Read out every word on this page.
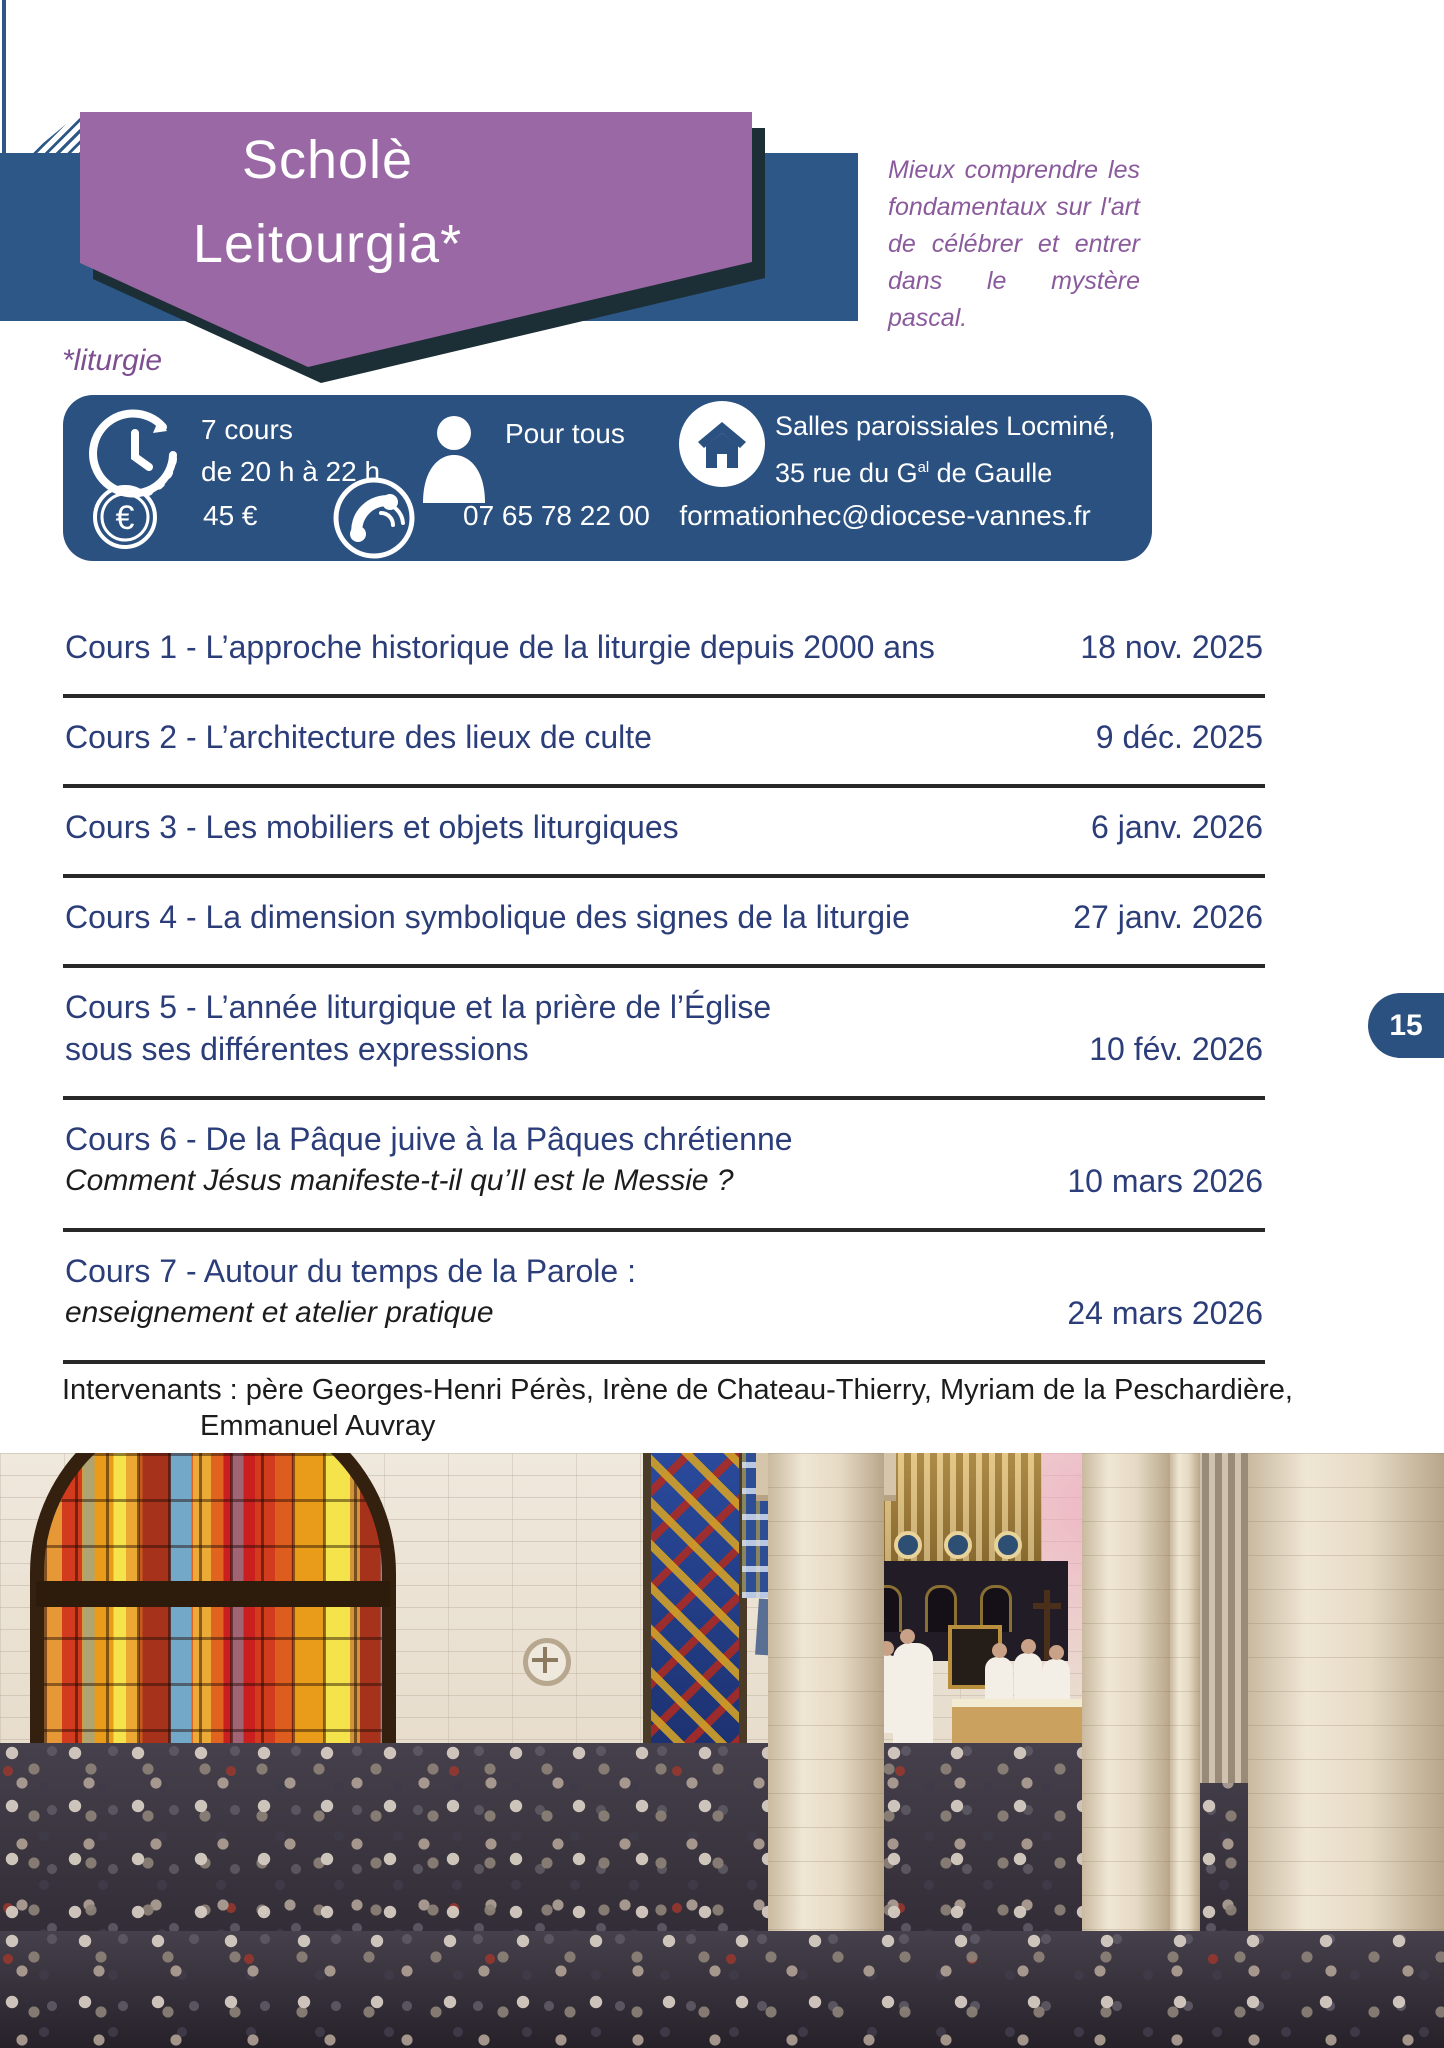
Scholè
Leitourgia*
*liturgie
Mieux comprendre les fondamentaux sur l'art de célébrer et entrer dans le mystère pascal.
7 cours
de 20 h à 22 h
Pour tous	Salles paroissiales Locminé,
35 rue du $G^{al}$ de Gaulle
€ 45 €	07 65 78 22 00 formationhec@diocese-vannes.fr
Cours 1 - L’approche historique de la liturgie depuis 2000 ans	18 nov. 2025
Cours 2 - L’architecture des lieux de culte	9 déc. 2025
Cours 3 - Les mobiliers et objets liturgiques	6 janv. 2026
Cours 4 - La dimension symbolique des signes de la liturgie	27 janv. 2026
Cours 5 - L’année liturgique et la prière de l’Église
sous ses différentes expressions	10 fév. 2026
Cours 6 - De la Pâque juive à la Pâques chrétienne
Comment Jésus manifeste-t-il qu’Il est le Messie ?	10 mars 2026
Cours 7 - Autour du temps de la Parole :
enseignement et atelier pratique	24 mars 2026
Intervenants : père Georges-Henri Pérès, Irène de Chateau-Thierry, Myriam de la Peschardière,
Emmanuel Auvray
15
